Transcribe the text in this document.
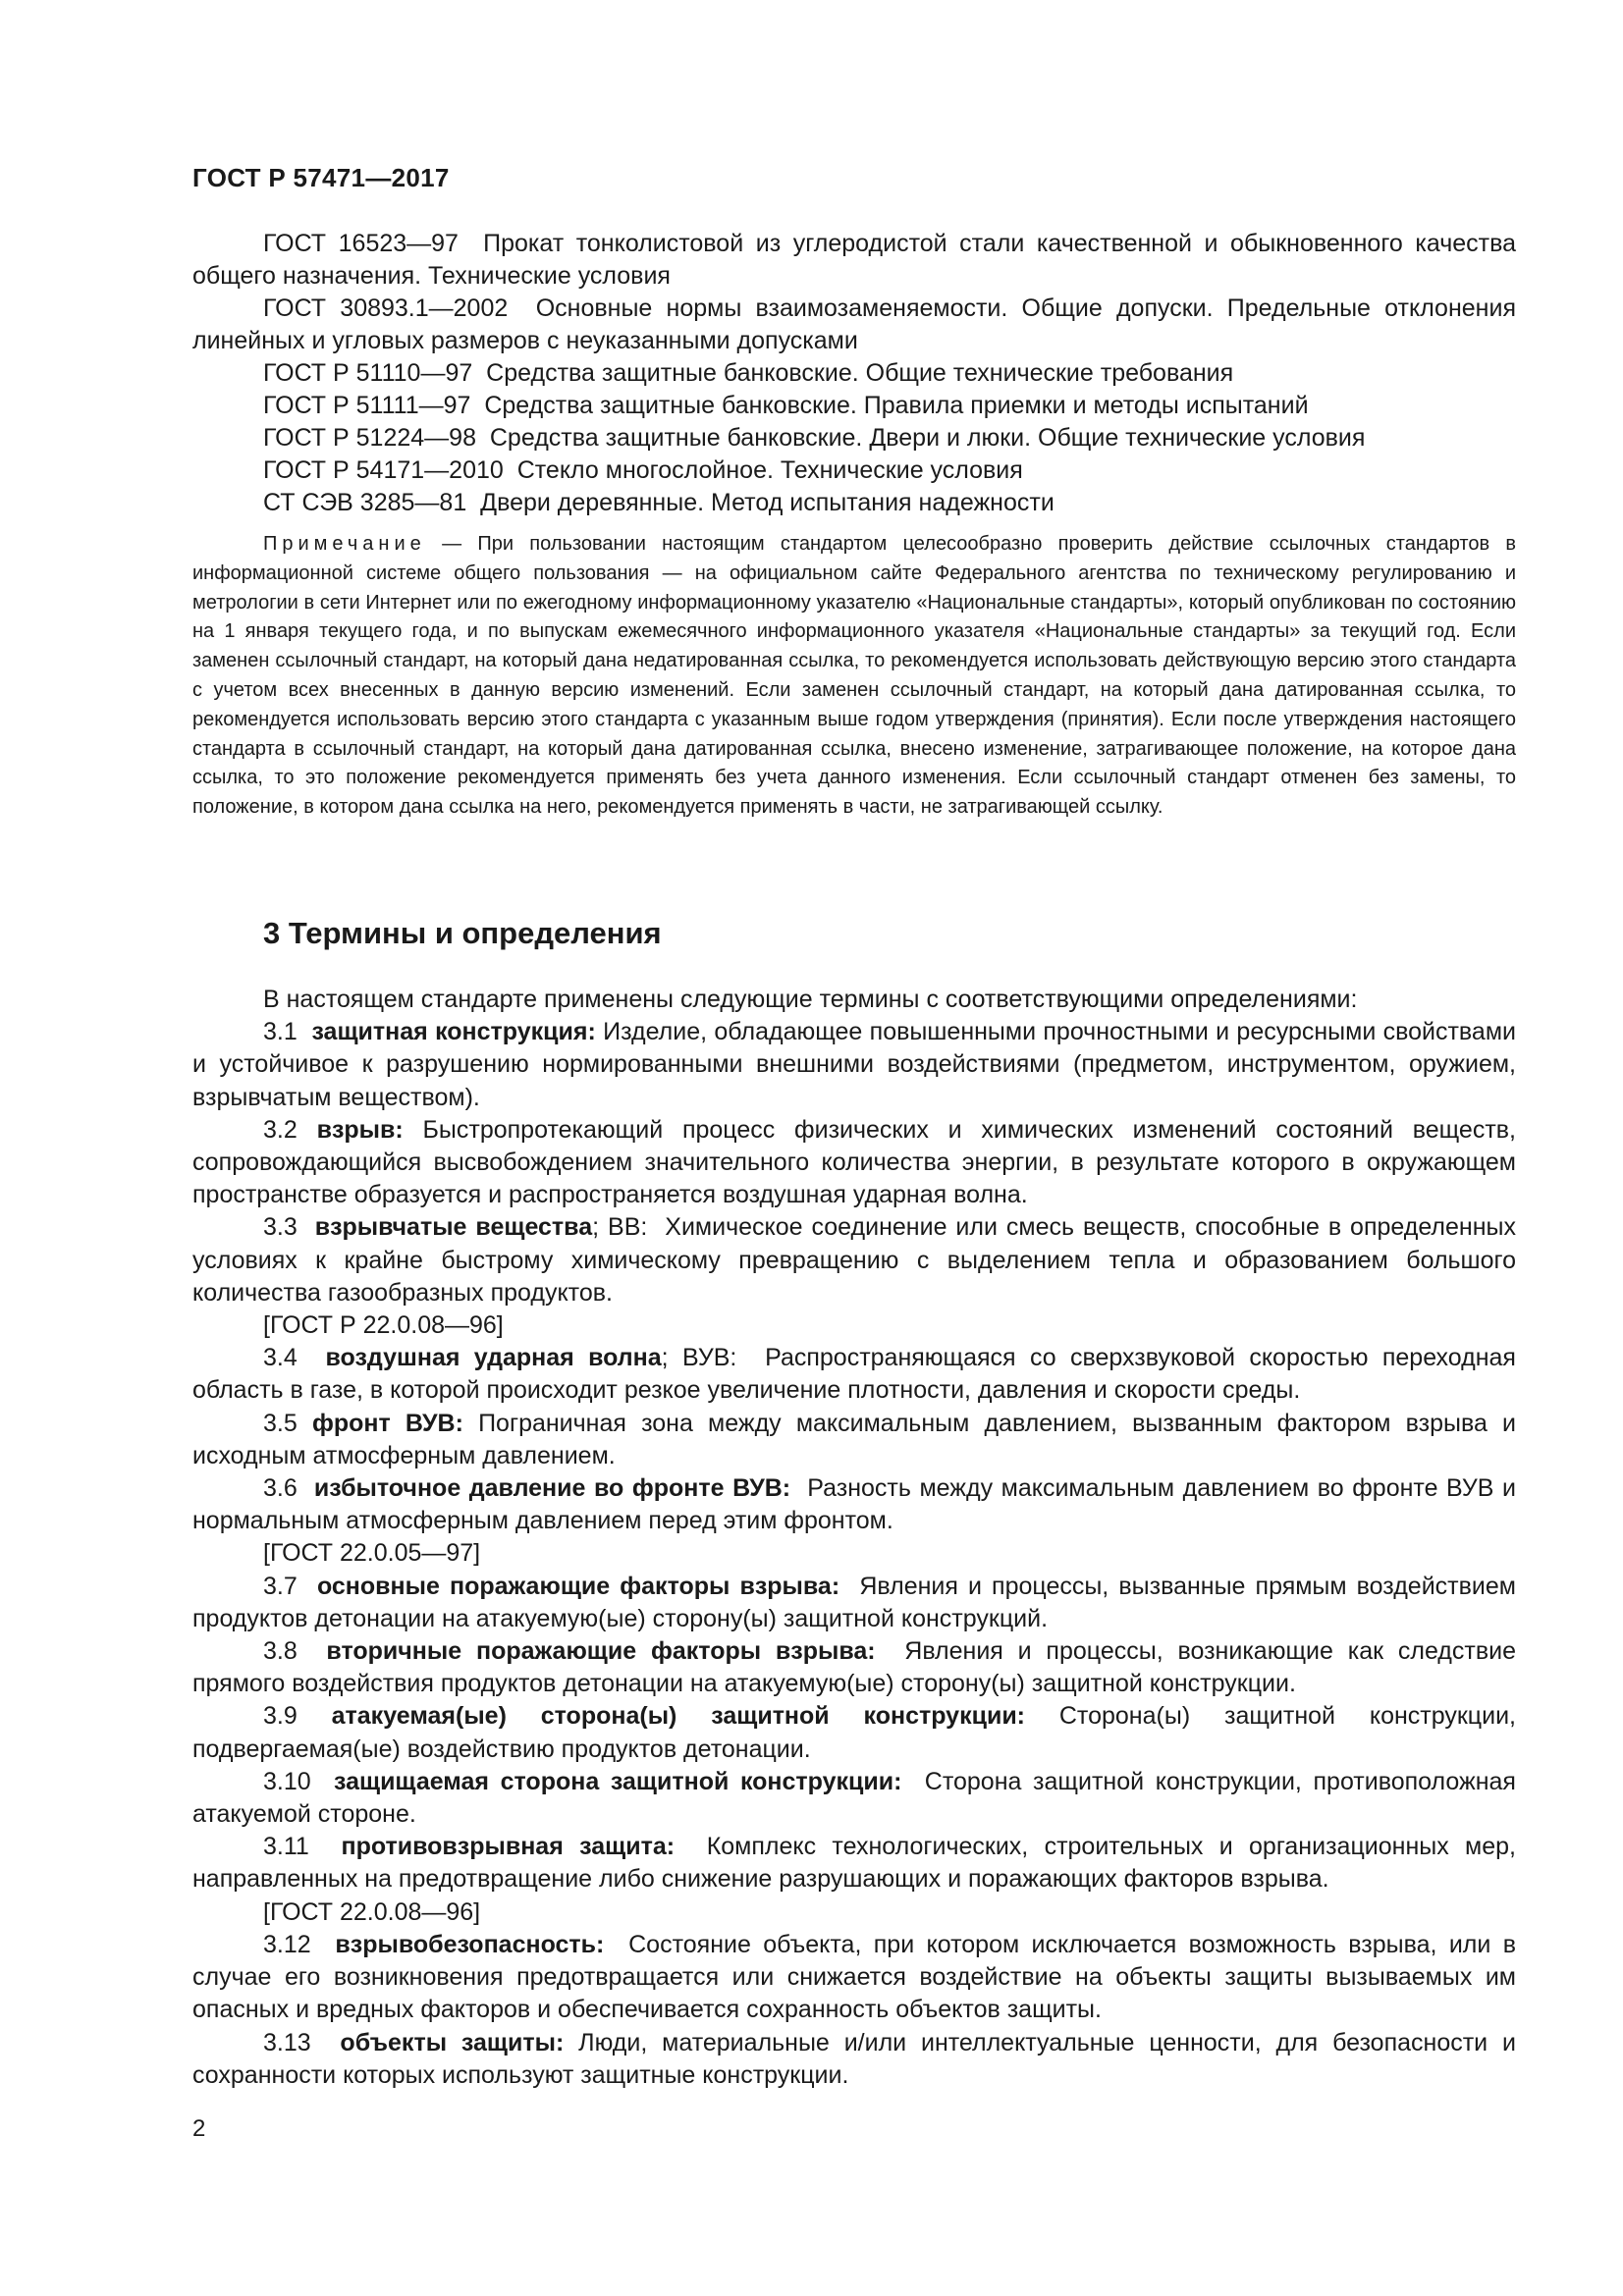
ГОСТ Р 57471—2017

ГОСТ 16523—97 Прокат тонколистовой из углеродистой стали качественной и обыкновенного качества общего назначения. Технические условия

ГОСТ 30893.1—2002 Основные нормы взаимозаменяемости. Общие допуски. Предельные отклонения линейных и угловых размеров с неуказанными допусками

ГОСТ Р 51110—97 Средства защитные банковские. Общие технические требования

ГОСТ Р 51111—97 Средства защитные банковские. Правила приемки и методы испытаний

ГОСТ Р 51224—98 Средства защитные банковские. Двери и люки. Общие технические условия

ГОСТ Р 54171—2010 Стекло многослойное. Технические условия

СТ СЭВ 3285—81 Двери деревянные. Метод испытания надежности

Примечание — При пользовании настоящим стандартом целесообразно проверить действие ссылочных стандартов в информационной системе общего пользования — на официальном сайте Федерального агентства по техническому регулированию и метрологии в сети Интернет или по ежегодному информационному указателю «Национальные стандарты», который опубликован по состоянию на 1 января текущего года, и по выпускам ежемесячного информационного указателя «Национальные стандарты» за текущий год. Если заменен ссылочный стандарт, на который дана недатированная ссылка, то рекомендуется использовать действующую версию этого стандарта с учетом всех внесенных в данную версию изменений. Если заменен ссылочный стандарт, на который дана датированная ссылка, то рекомендуется использовать версию этого стандарта с указанным выше годом утверждения (принятия). Если после утверждения настоящего стандарта в ссылочный стандарт, на который дана датированная ссылка, внесено изменение, затрагивающее положение, на которое дана ссылка, то это положение рекомендуется применять без учета данного изменения. Если ссылочный стандарт отменен без замены, то положение, в котором дана ссылка на него, рекомендуется применять в части, не затрагивающей ссылку.

3 Термины и определения

В настоящем стандарте применены следующие термины с соответствующими определениями:

3.1 защитная конструкция: Изделие, обладающее повышенными прочностными и ресурсными свойствами и устойчивое к разрушению нормированными внешними воздействиями (предметом, инструментом, оружием, взрывчатым веществом).

3.2 взрыв: Быстропротекающий процесс физических и химических изменений состояний веществ, сопровождающийся высвобождением значительного количества энергии, в результате которого в окружающем пространстве образуется и распространяется воздушная ударная волна.

3.3 взрывчатые вещества; ВВ: Химическое соединение или смесь веществ, способные в определенных условиях к крайне быстрому химическому превращению с выделением тепла и образованием большого количества газообразных продуктов.

[ГОСТ Р 22.0.08—96]

3.4 воздушная ударная волна; ВУВ: Распространяющаяся со сверхзвуковой скоростью переходная область в газе, в которой происходит резкое увеличение плотности, давления и скорости среды.

3.5 фронт ВУВ: Пограничная зона между максимальным давлением, вызванным фактором взрыва и исходным атмосферным давлением.

3.6 избыточное давление во фронте ВУВ: Разность между максимальным давлением во фронте ВУВ и нормальным атмосферным давлением перед этим фронтом.

[ГОСТ 22.0.05—97]

3.7 основные поражающие факторы взрыва: Явления и процессы, вызванные прямым воздействием продуктов детонации на атакуемую(ые) сторону(ы) защитной конструкций.

3.8 вторичные поражающие факторы взрыва: Явления и процессы, возникающие как следствие прямого воздействия продуктов детонации на атакуемую(ые) сторону(ы) защитной конструкции.

3.9 атакуемая(ые) сторона(ы) защитной конструкции: Сторона(ы) защитной конструкции, подвергаемая(ые) воздействию продуктов детонации.

3.10 защищаемая сторона защитной конструкции: Сторона защитной конструкции, противоположная атакуемой стороне.

3.11 противовзрывная защита: Комплекс технологических, строительных и организационных мер, направленных на предотвращение либо снижение разрушающих и поражающих факторов взрыва.

[ГОСТ 22.0.08—96]

3.12 взрывобезопасность: Состояние объекта, при котором исключается возможность взрыва, или в случае его возникновения предотвращается или снижается воздействие на объекты защиты вызываемых им опасных и вредных факторов и обеспечивается сохранность объектов защиты.

3.13 объекты защиты: Люди, материальные и/или интеллектуальные ценности, для безопасности и сохранности которых используют защитные конструкции.

2
